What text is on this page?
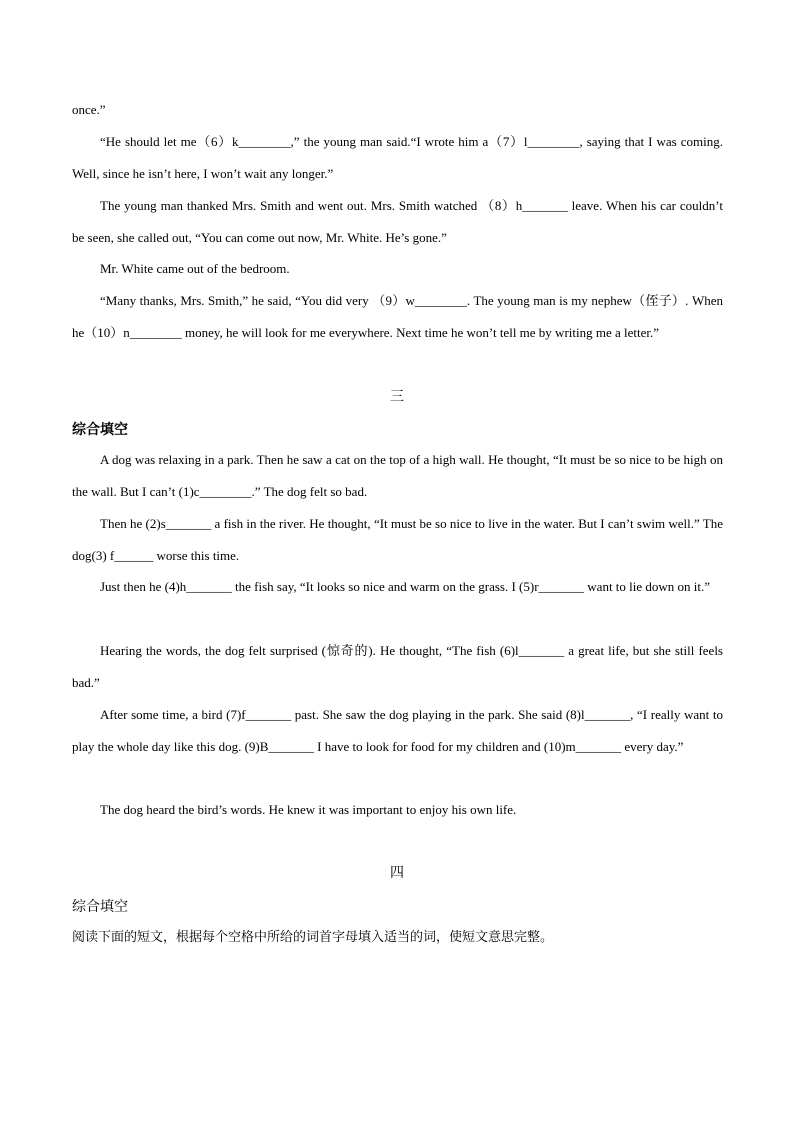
once.”

“He should let me（6）k________,” the young man said.“I wrote him a（7）l________, saying that I was coming. Well, since he isn’t here, I won’t wait any longer.”

The young man thanked Mrs. Smith and went out. Mrs. Smith watched （8）h_______ leave. When his car couldn’t be seen, she called out, “You can come out now, Mr. White. He’s gone.”

Mr. White came out of the bedroom.

“Many thanks, Mrs. Smith,” he said, “You did very （9）w________. The young man is my nephew（侄子）. When he（10）n________ money, he will look for me everywhere. Next time he won’t tell me by writing me a letter.”

三

综合填空

A dog was relaxing in a park. Then he saw a cat on the top of a high wall. He thought, “It must be so nice to be high on the wall. But I can’t (1)c________.” The dog felt so bad.

Then he (2)s_______ a fish in the river. He thought, “It must be so nice to live in the water. But I can’t swim well.” The dog(3) f______ worse this time.

Just then he (4)h_______ the fish say, “It looks so nice and warm on the grass. I (5)r_______ want to lie down on it.”

Hearing the words, the dog felt surprised (惊奇的). He thought, “The fish (6)l_______ a great life, but she still feels bad.”

After some time, a bird (7)f_______ past. She saw the dog playing in the park. She said (8)l_______, “I really want to play the whole day like this dog. (9)B_______ I have to look for food for my children and (10)m_______ every day.”

The dog heard the bird’s words. He knew it was important to enjoy his own life.

四

综合填空

阅读下面的短文，根据每个空格中所给的词首字母填入适当的词，使短文意思完整。
